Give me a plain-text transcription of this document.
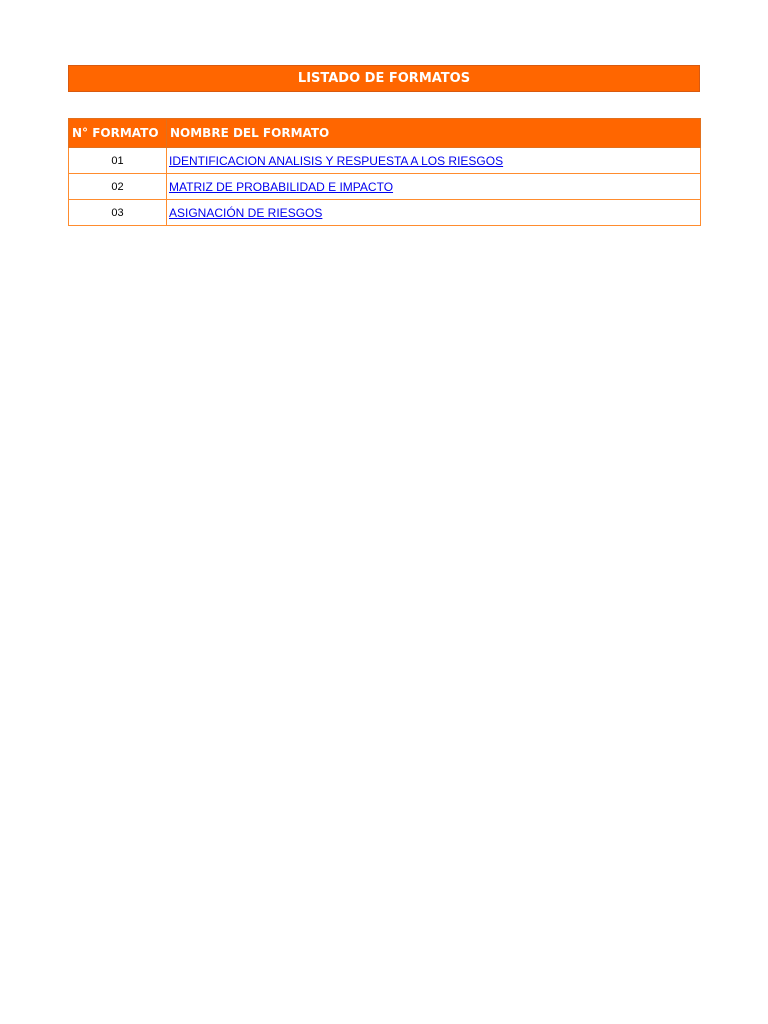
LISTADO DE FORMATOS
N° FORMATO	NOMBRE DEL FORMATO
01	IDENTIFICACION ANALISIS Y RESPUESTA A LOS RIESGOS
02	MATRIZ DE PROBABILIDAD E IMPACTO
03	ASIGNACIÓN DE RIESGOS
